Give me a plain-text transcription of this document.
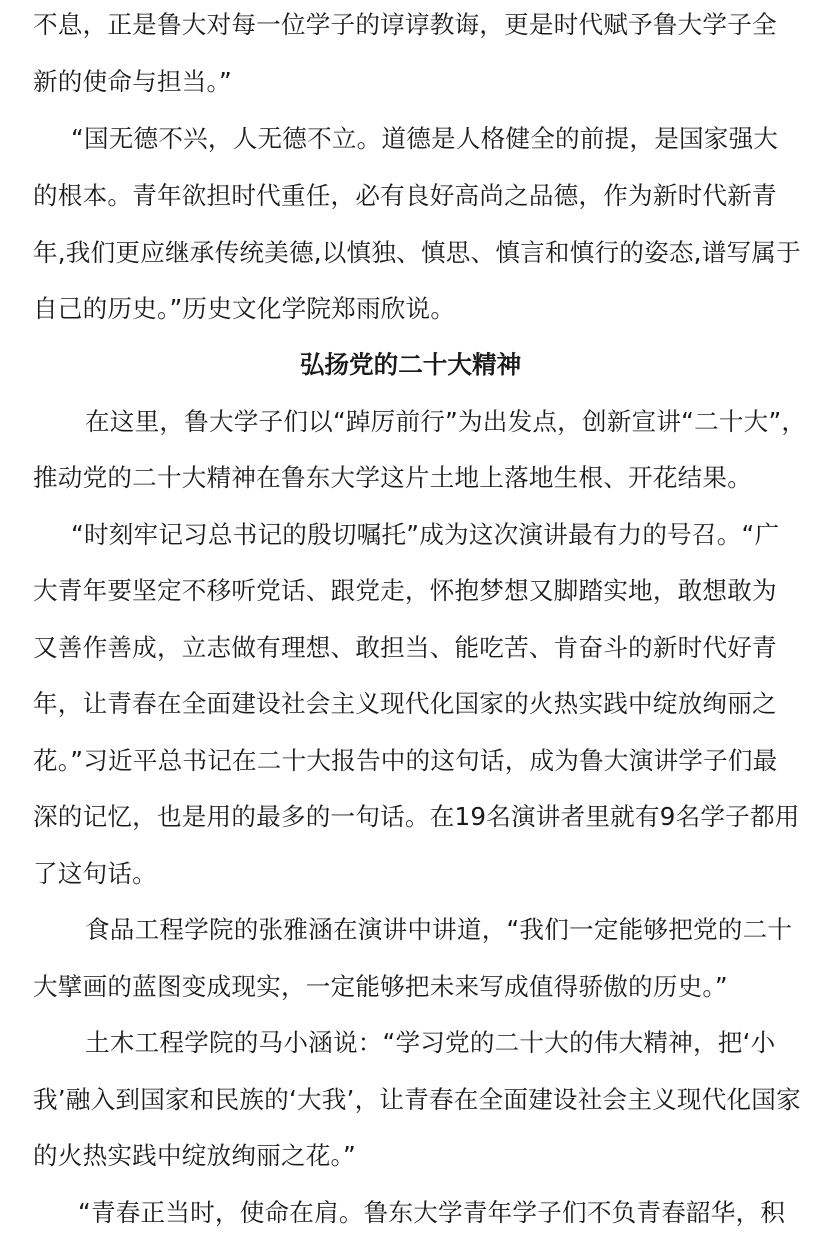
不息，正是鲁大对每一位学子的谆谆教诲，更是时代赋予鲁大学子全
新的使命与担当。”
“国无德不兴，人无德不立。道德是人格健全的前提，是国家强大
的根本。青年欲担时代重任，必有良好高尚之品德，作为新时代新青
年,我们更应继承传统美德,以慎独、慎思、慎言和慎行的姿态,谱写属于
自己的历史。”历史文化学院郑雨欣说。
弘扬党的二十大精神
在这里，鲁大学子们以“踔厉前行”为出发点，创新宣讲“二十大”，
推动党的二十大精神在鲁东大学这片土地上落地生根、开花结果。
“时刻牢记习总书记的殷切嘱托”成为这次演讲最有力的号召。“广
大青年要坚定不移听党话、跟党走，怀抱梦想又脚踏实地，敢想敢为
又善作善成，立志做有理想、敢担当、能吃苦、肯奋斗的新时代好青
年，让青春在全面建设社会主义现代化国家的火热实践中绽放绚丽之
花。”习近平总书记在二十大报告中的这句话，成为鲁大演讲学子们最
深的记忆，也是用的最多的一句话。在19名演讲者里就有9名学子都用
了这句话。
食品工程学院的张雅涵在演讲中讲道，“我们一定能够把党的二十
大擘画的蓝图变成现实，一定能够把未来写成值得骄傲的历史。”
土木工程学院的马小涵说：“学习党的二十大的伟大精神，把‘小
我’融入到国家和民族的‘大我’，让青春在全面建设社会主义现代化国家
的火热实践中绽放绚丽之花。”
“青春正当时，使命在肩。鲁东大学青年学子们不负青春韶华，积
